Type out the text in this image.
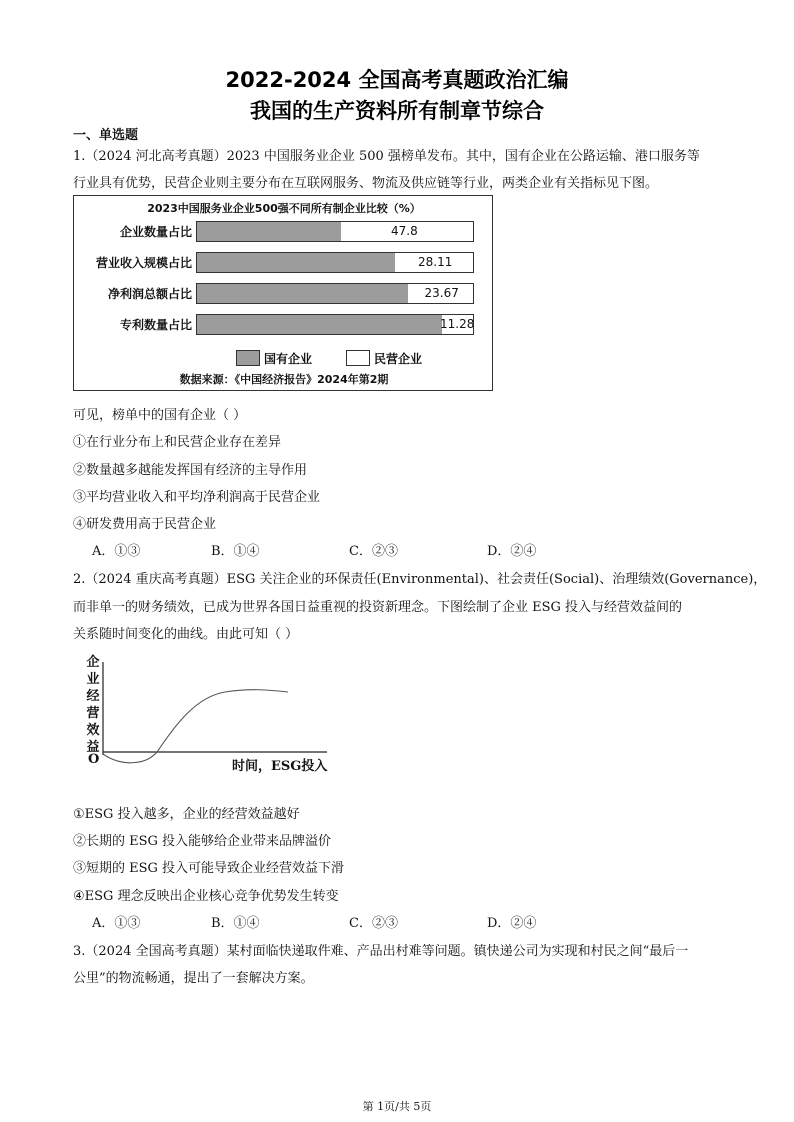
2022-2024 全国高考真题政治汇编
我国的生产资料所有制章节综合
一、单选题
1.（2024 河北高考真题）2023 中国服务业企业 500 强榜单发布。其中，国有企业在公路运输、港口服务等
行业具有优势，民营企业则主要分布在互联网服务、物流及供应链等行业，两类企业有关指标见下图。
2023中国服务业企业500强不同所有制企业比较（%）
国有企业	民营企业
数据来源：《中国经济报告》2024年第2期
企业数量占比	47.8
营业收入规模占比	28.11
净利润总额占比	23.67
专利数量占比	11.28
可见，榜单中的国有企业（ ）
①在行业分布上和民营企业存在差异
②数量越多越能发挥国有经济的主导作用
③平均营业收入和平均净利润高于民营企业
④研发费用高于民营企业
A．①③	B．①④	C．②③	D．②④
2.（2024 重庆高考真题）ESG 关注企业的环保责任(Environmental)、社会责任(Social)、治理绩效(Governance)，
而非单一的财务绩效，已成为世界各国日益重视的投资新理念。下图绘制了企业 ESG 投入与经营效益间的
关系随时间变化的曲线。由此可知（ ）
企
业
经
营
效
益
O	时间，ESG投入
①ESG 投入越多，企业的经营效益越好
②长期的 ESG 投入能够给企业带来品牌溢价
③短期的 ESG 投入可能导致企业经营效益下滑
④ESG 理念反映出企业核心竞争优势发生转变
A．①③	B．①④	C．②③	D．②④
3.（2024 全国高考真题）某村面临快递取件难、产品出村难等问题。镇快递公司为实现和村民之间“最后一
公里”的物流畅通，提出了一套解决方案。
第 1页/共 5页
